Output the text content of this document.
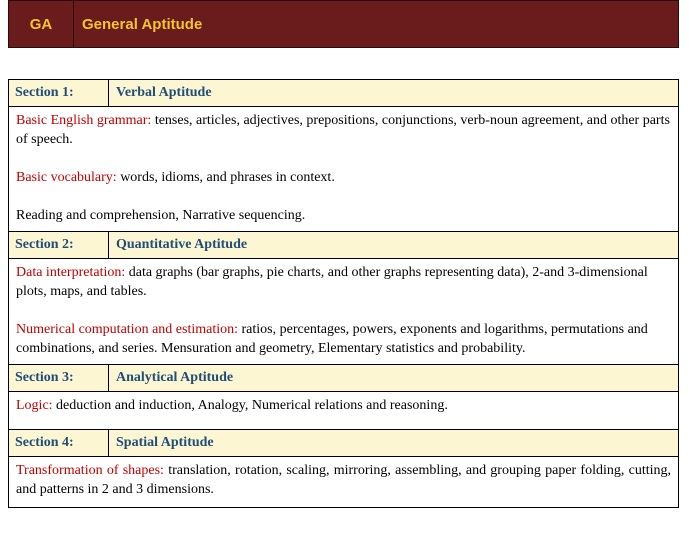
GA	General Aptitude
Section 1:	Verbal Aptitude

Basic English grammar: tenses, articles, adjectives, prepositions, conjunctions, verb-noun agreement, and other parts of speech.

Basic vocabulary: words, idioms, and phrases in context.

Reading and comprehension, Narrative sequencing.

Section 2:	Quantitative Aptitude

Data interpretation: data graphs (bar graphs, pie charts, and other graphs representing data), 2-and 3-dimensional plots, maps, and tables.

Numerical computation and estimation: ratios, percentages, powers, exponents and logarithms, permutations and combinations, and series. Mensuration and geometry, Elementary statistics and probability.

Section 3:	Analytical Aptitude

Logic: deduction and induction, Analogy, Numerical relations and reasoning.

Section 4:	Spatial Aptitude

Transformation of shapes: translation, rotation, scaling, mirroring, assembling, and grouping paper folding, cutting, and patterns in 2 and 3 dimensions.
